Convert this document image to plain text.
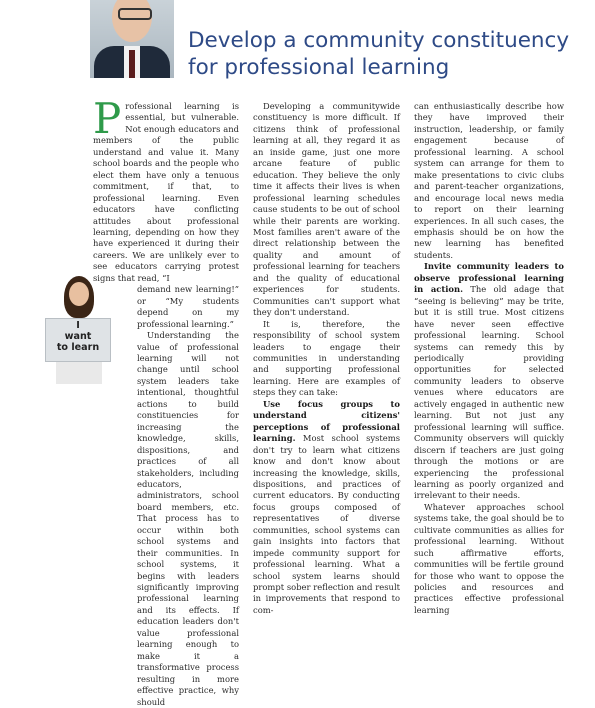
Develop a community constituency for professional learning

Professional learning is essential, but vulnerable. Not enough educators and members of the public understand and value it. Many school boards and the people who elect them have only a tenuous commitment, if that, to professional learning. Even educators have conflicting attitudes about professional learning, depending on how they have experienced it during their careers. We are unlikely ever to see educators carrying protest signs that read, “I

demand new learning!” or “My students depend on my professional learning.”

Understanding the value of professional learning will not change until school system leaders take intentional, thoughtful actions to build constituencies for increasing the knowledge, skills, dispositions, and practices of all stakeholders, including educators, administrators, school board members, etc. That process has to occur within both school systems and their communities. In school systems, it begins with leaders significantly improving professional learning and its effects. If education leaders don't value professional learning enough to make it a transformative process resulting in more effective practice, why should

I
want
to learn

Developing a communitywide constituency is more difficult. If citizens think of professional learning at all, they regard it as an inside game, just one more arcane feature of public education. They believe the only time it affects their lives is when professional learning schedules cause students to be out of school while their parents are working. Most families aren't aware of the direct relationship between the quality and amount of professional learning for teachers and the quality of educational experiences for students. Communities can't support what they don't understand.

It is, therefore, the responsibility of school system leaders to engage their communities in understanding and supporting professional learning. Here are examples of steps they can take:

Use focus groups to understand citizens' perceptions of professional learning. Most school systems don't try to learn what citizens know and don't know about increasing the knowledge, skills, dispositions, and practices of current educators. By conducting focus groups composed of representatives of diverse communities, school systems can gain insights into factors that impede community support for professional learning. What a school system learns should prompt sober reflection and result in improvements that respond to com-

can enthusiastically describe how they have improved their instruction, leadership, or family engagement because of professional learning. A school system can arrange for them to make presentations to civic clubs and parent-teacher organizations, and encourage local news media to report on their learning experiences. In all such cases, the emphasis should be on how the new learning has benefited students.

Invite community leaders to observe professional learning in action. The old adage that “seeing is believing” may be trite, but it is still true. Most citizens have never seen effective professional learning. School systems can remedy this by periodically providing opportunities for selected community leaders to observe venues where educators are actively engaged in authentic new learning. But not just any professional learning will suffice. Community observers will quickly discern if teachers are just going through the motions or are experiencing the professional learning as poorly organized and irrelevant to their needs.

Whatever approaches school systems take, the goal should be to cultivate communities as allies for professional learning. Without such affirmative efforts, communities will be fertile ground for those who want to oppose the policies and resources and practices effective professional learning
